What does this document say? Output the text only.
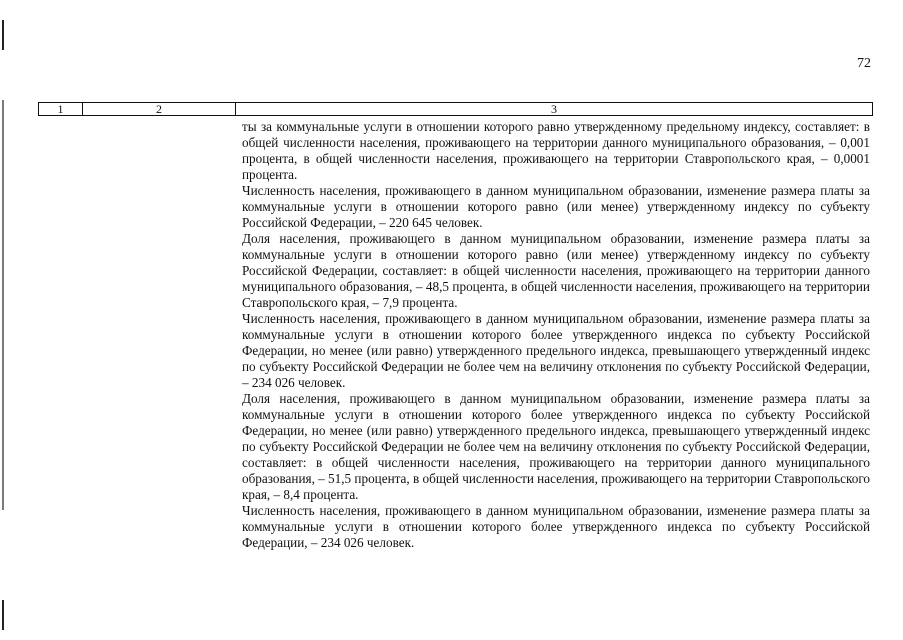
72
1	2	3

ты за коммунальные услуги в отношении которого равно утвержденному предельному индексу, составляет: в общей численности населения, проживающего на территории данного муниципального образования, – 0,001 процента, в общей численности населения, проживающего на территории Ставропольского края, – 0,0001 процента.

Численность населения, проживающего в данном муниципальном образовании, изменение размера платы за коммунальные услуги в отношении которого равно (или менее) утвержденному индексу по субъекту Российской Федерации, – 220 645 человек.

Доля населения, проживающего в данном муниципальном образовании, изменение размера платы за коммунальные услуги в отношении которого равно (или менее) утвержденному индексу по субъекту Российской Федерации, составляет: в общей численности населения, проживающего на территории данного муниципального образования, – 48,5 процента, в общей численности населения, проживающего на территории Ставропольского края, – 7,9 процента.

Численность населения, проживающего в данном муниципальном образовании, изменение размера платы за коммунальные услуги в отношении которого более утвержденного индекса по субъекту Российской Федерации, но менее (или равно) утвержденного предельного индекса, превышающего утвержденный индекс по субъекту Российской Федерации не более чем на величину отклонения по субъекту Российской Федерации, – 234 026 человек.

Доля населения, проживающего в данном муниципальном образовании, изменение размера платы за коммунальные услуги в отношении которого более утвержденного индекса по субъекту Российской Федерации, но менее (или равно) утвержденного предельного индекса, превышающего утвержденный индекс по субъекту Российской Федерации не более чем на величину отклонения по субъекту Российской Федерации, составляет: в общей численности населения, проживающего на территории данного муниципального образования, – 51,5 процента, в общей численности населения, проживающего на территории Ставропольского края, – 8,4 процента.

Численность населения, проживающего в данном муниципальном образовании, изменение размера платы за коммунальные услуги в отношении которого более утвержденного индекса по субъекту Российской Федерации, – 234 026 человек.
